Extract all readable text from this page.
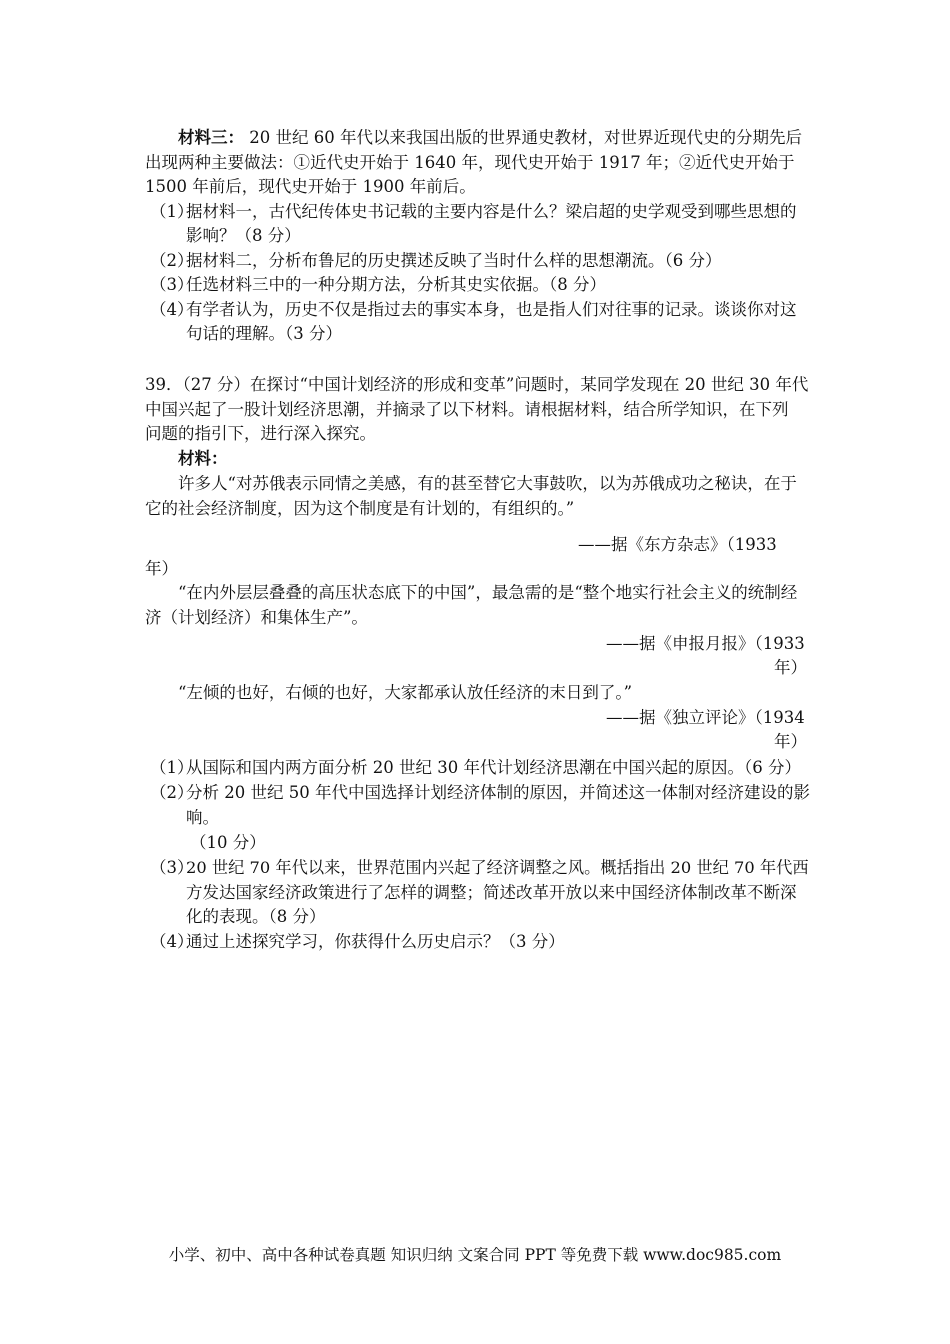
材料三： 20 世纪 60 年代以来我国出版的世界通史教材，对世界近现代史的分期先后
出现两种主要做法：①近代史开始于 1640 年，现代史开始于 1917 年；②近代史开始于
1500 年前后，现代史开始于 1900 年前后。
（1）
据材料一，古代纪传体史书记载的主要内容是什么？梁启超的史学观受到哪些思想的
影响？（8 分）
（2）
据材料二，分析布鲁尼的历史撰述反映了当时什么样的思想潮流。（6 分）
（3）
任选材料三中的一种分期方法，分析其史实依据。（8 分）
（4）
有学者认为，历史不仅是指过去的事实本身，也是指人们对往事的记录。谈谈你对这
句话的理解。（3 分）
39．（27 分）在探讨“中国计划经济的形成和变革”问题时，某同学发现在 20 世纪 30 年代
中国兴起了一股计划经济思潮，并摘录了以下材料。请根据材料，结合所学知识，在下列
问题的指引下，进行深入探究。
材料：
许多人“对苏俄表示同情之美感，有的甚至替它大事鼓吹，以为苏俄成功之秘诀，在于
它的社会经济制度，因为这个制度是有计划的，有组织的。”
——据《东方杂志》（1933
年）
“在内外层层叠叠的高压状态底下的中国”，最急需的是“整个地实行社会主义的统制经
济（计划经济）和集体生产”。
——据《申报月报》（1933
年）
“左倾的也好，右倾的也好，大家都承认放任经济的末日到了。”
——据《独立评论》（1934
年）
（1）
从国际和国内两方面分析 20 世纪 30 年代计划经济思潮在中国兴起的原因。（6 分）
（2）
分析 20 世纪 50 年代中国选择计划经济体制的原因，并简述这一体制对经济建设的影
响。
（10 分）
（3）
20 世纪 70 年代以来，世界范围内兴起了经济调整之风。概括指出 20 世纪 70 年代西
方发达国家经济政策进行了怎样的调整；简述改革开放以来中国经济体制改革不断深
化的表现。（8 分）
（4）
通过上述探究学习，你获得什么历史启示？（3 分）
小学、初中、高中各种试卷真题 知识归纳 文案合同 PPT 等免费下载 www.doc985.com
